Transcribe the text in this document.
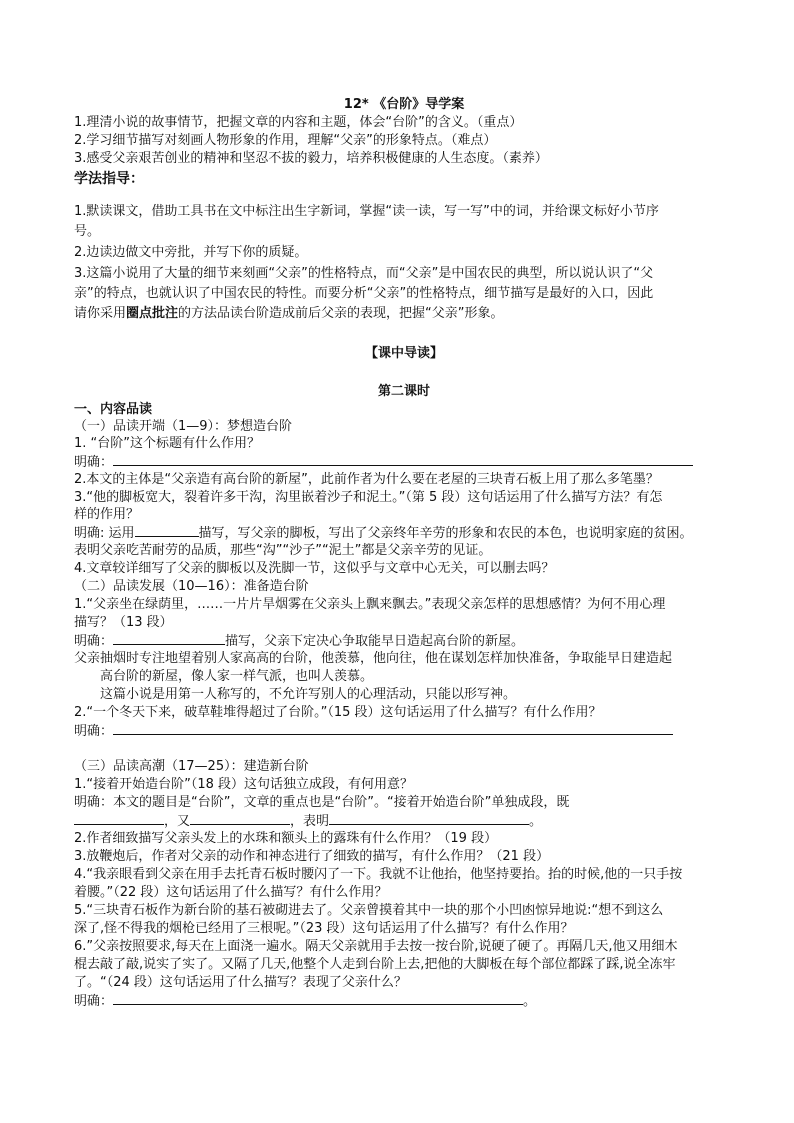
12* 《台阶》导学案
1.理清小说的故事情节，把握文章的内容和主题，体会“台阶”的含义。（重点）
2.学习细节描写对刻画人物形象的作用，理解“父亲”的形象特点。（难点）
3.感受父亲艰苦创业的精神和坚忍不拔的毅力，培养积极健康的人生态度。（素养）
学法指导：
1.默读课文，借助工具书在文中标注出生字新词，掌握“读一读，写一写”中的词，并给课文标好小节序
号。
2.边读边做文中旁批，并写下你的质疑。
3.这篇小说用了大量的细节来刻画“父亲”的性格特点，而“父亲”是中国农民的典型，所以说认识了“父
亲”的特点，也就认识了中国农民的特性。而要分析“父亲”的性格特点，细节描写是最好的入口，因此
请你采用圈点批注的方法品读台阶造成前后父亲的表现，把握“父亲”形象。
【课中导读】
第二课时
一、内容品读
（一）品读开端（1—9）：梦想造台阶
1. “台阶”这个标题有什么作用？
明确：
2.本文的主体是“父亲造有高台阶的新屋”，此前作者为什么要在老屋的三块青石板上用了那么多笔墨？
3.“他的脚板宽大，裂着许多干沟，沟里嵌着沙子和泥土。”（第 5 段）这句话运用了什么描写方法？有怎
样的作用？
明确: 运用	描写，写父亲的脚板，写出了父亲终年辛劳的形象和农民的本色，也说明家庭的贫困。
表明父亲吃苦耐劳的品质，那些“沟”“沙子”“泥土”都是父亲辛劳的见证。
4.文章较详细写了父亲的脚板以及洗脚一节，这似乎与文章中心无关，可以删去吗？
（二）品读发展（10—16）：准备造台阶
1.“父亲坐在绿荫里，……一片片旱烟雾在父亲头上飘来飘去。”表现父亲怎样的思想感情？为何不用心理
描写？（13 段）
明确：	描写，父亲下定决心争取能早日造起高台阶的新屋。
父亲抽烟时专注地望着别人家高高的台阶，他羡慕，他向往，他在谋划怎样加快准备，争取能早日建造起
高台阶的新屋，像人家一样气派，也叫人羡慕。
这篇小说是用第一人称写的，不允许写别人的心理活动，只能以形写神。
2.“一个冬天下来，破草鞋堆得超过了台阶。”（15 段）这句话运用了什么描写？有什么作用？
明确：
（三）品读高潮（17—25）：建造新台阶
1.“接着开始造台阶”（18 段）这句话独立成段，有何用意？
明确：本文的题目是“台阶”，文章的重点也是“台阶”。“接着开始造台阶”单独成段，既
，又	，表明	。
2.作者细致描写父亲头发上的水珠和额头上的露珠有什么作用？（19 段）
3.放鞭炮后，作者对父亲的动作和神态进行了细致的描写，有什么作用？（21 段）
4.“我亲眼看到父亲在用手去托青石板时腰闪了一下。我就不让他抬，他坚持要抬。抬的时候,他的一只手按
着腰。”（22 段）这句话运用了什么描写？有什么作用？
5.“三块青石板作为新台阶的基石被砌进去了。父亲曾摸着其中一块的那个小凹凼惊异地说:“想不到这么
深了,怪不得我的烟枪已经用了三根呢。”（23 段）这句话运用了什么描写？有什么作用？
6.”父亲按照要求,每天在上面浇一遍水。隔天父亲就用手去按一按台阶,说硬了硬了。再隔几天,他又用细木
棍去敲了敲,说实了实了。又隔了几天,他整个人走到台阶上去,把他的大脚板在每个部位都踩了踩,说全冻牢
了。“（24 段）这句话运用了什么描写？表现了父亲什么？
明确：	。
